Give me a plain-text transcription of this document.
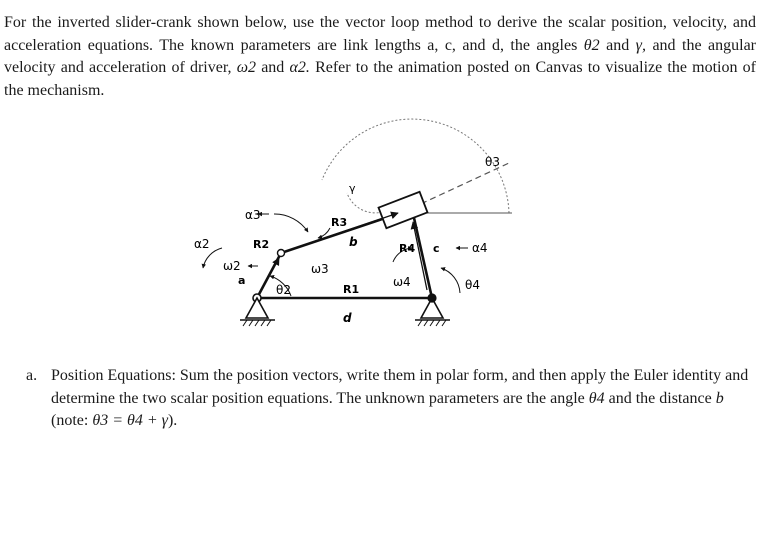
For the inverted slider-crank shown below, use the vector loop method to derive the scalar position, velocity, and acceleration equations. The known parameters are link lengths a, c, and d, the angles θ2 and γ, and the angular velocity and acceleration of driver, ω2 and α2. Refer to the animation posted on Canvas to visualize the motion of the mechanism.
θ3
γ
α3
R3
α2	R2	b	R4 c	α4
ω2	ω3
ω4	θ4
a
θ2	R1
d
a. Position Equations: Sum the position vectors, write them in polar form, and then apply the Euler identity and determine the two scalar position equations. The unknown parameters are the angle θ4 and the distance b (note: θ3 = θ4 + γ).
